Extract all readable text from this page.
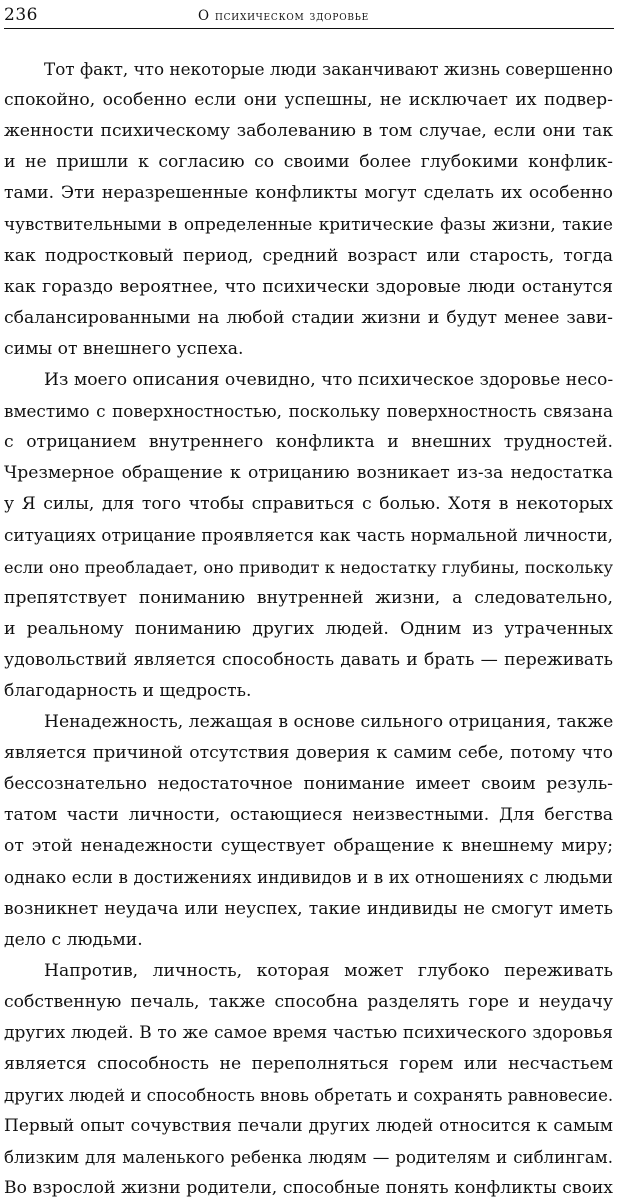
236	О психическом здоровье
Тот факт, что некоторые люди заканчивают жизнь совершенно
спокойно, особенно если они успешны, не исключает их подвер-
женности психическому заболеванию в том случае, если они так
и не пришли к согласию со своими более глубокими конфлик-
тами. Эти неразрешенные конфликты могут сделать их особенно
чувствительными в определенные критические фазы жизни, такие
как подростковый период, средний возраст или старость, тогда
как гораздо вероятнее, что психически здоровые люди останутся
сбалансированными на любой стадии жизни и будут менее зави-
симы от внешнего успеха.
Из моего описания очевидно, что психическое здоровье несо-
вместимо с поверхностностью, поскольку поверхностность связана
с отрицанием внутреннего конфликта и внешних трудностей.
Чрезмерное обращение к отрицанию возникает из-за недостатка
у Я силы, для того чтобы справиться с болью. Хотя в некоторых
ситуациях отрицание проявляется как часть нормальной личности,
если оно преобладает, оно приводит к недостатку глубины, поскольку
препятствует пониманию внутренней жизни, а следовательно,
и реальному пониманию других людей. Одним из утраченных
удовольствий является способность давать и брать — переживать
благодарность и щедрость.
Ненадежность, лежащая в основе сильного отрицания, также
является причиной отсутствия доверия к самим себе, потому что
бессознательно недостаточное понимание имеет своим резуль-
татом части личности, остающиеся неизвестными. Для бегства
от этой ненадежности существует обращение к внешнему миру;
однако если в достижениях индивидов и в их отношениях с людьми
возникнет неудача или неуспех, такие индивиды не смогут иметь
дело с людьми.
Напротив, личность, которая может глубоко переживать
собственную печаль, также способна разделять горе и неудачу
других людей. В то же самое время частью психического здоровья
является способность не переполняться горем или несчастьем
других людей и способность вновь обретать и сохранять равновесие.
Первый опыт сочувствия печали других людей относится к самым
близким для маленького ребенка людям — родителям и сиблингам.
Во взрослой жизни родители, способные понять конфликты своих
